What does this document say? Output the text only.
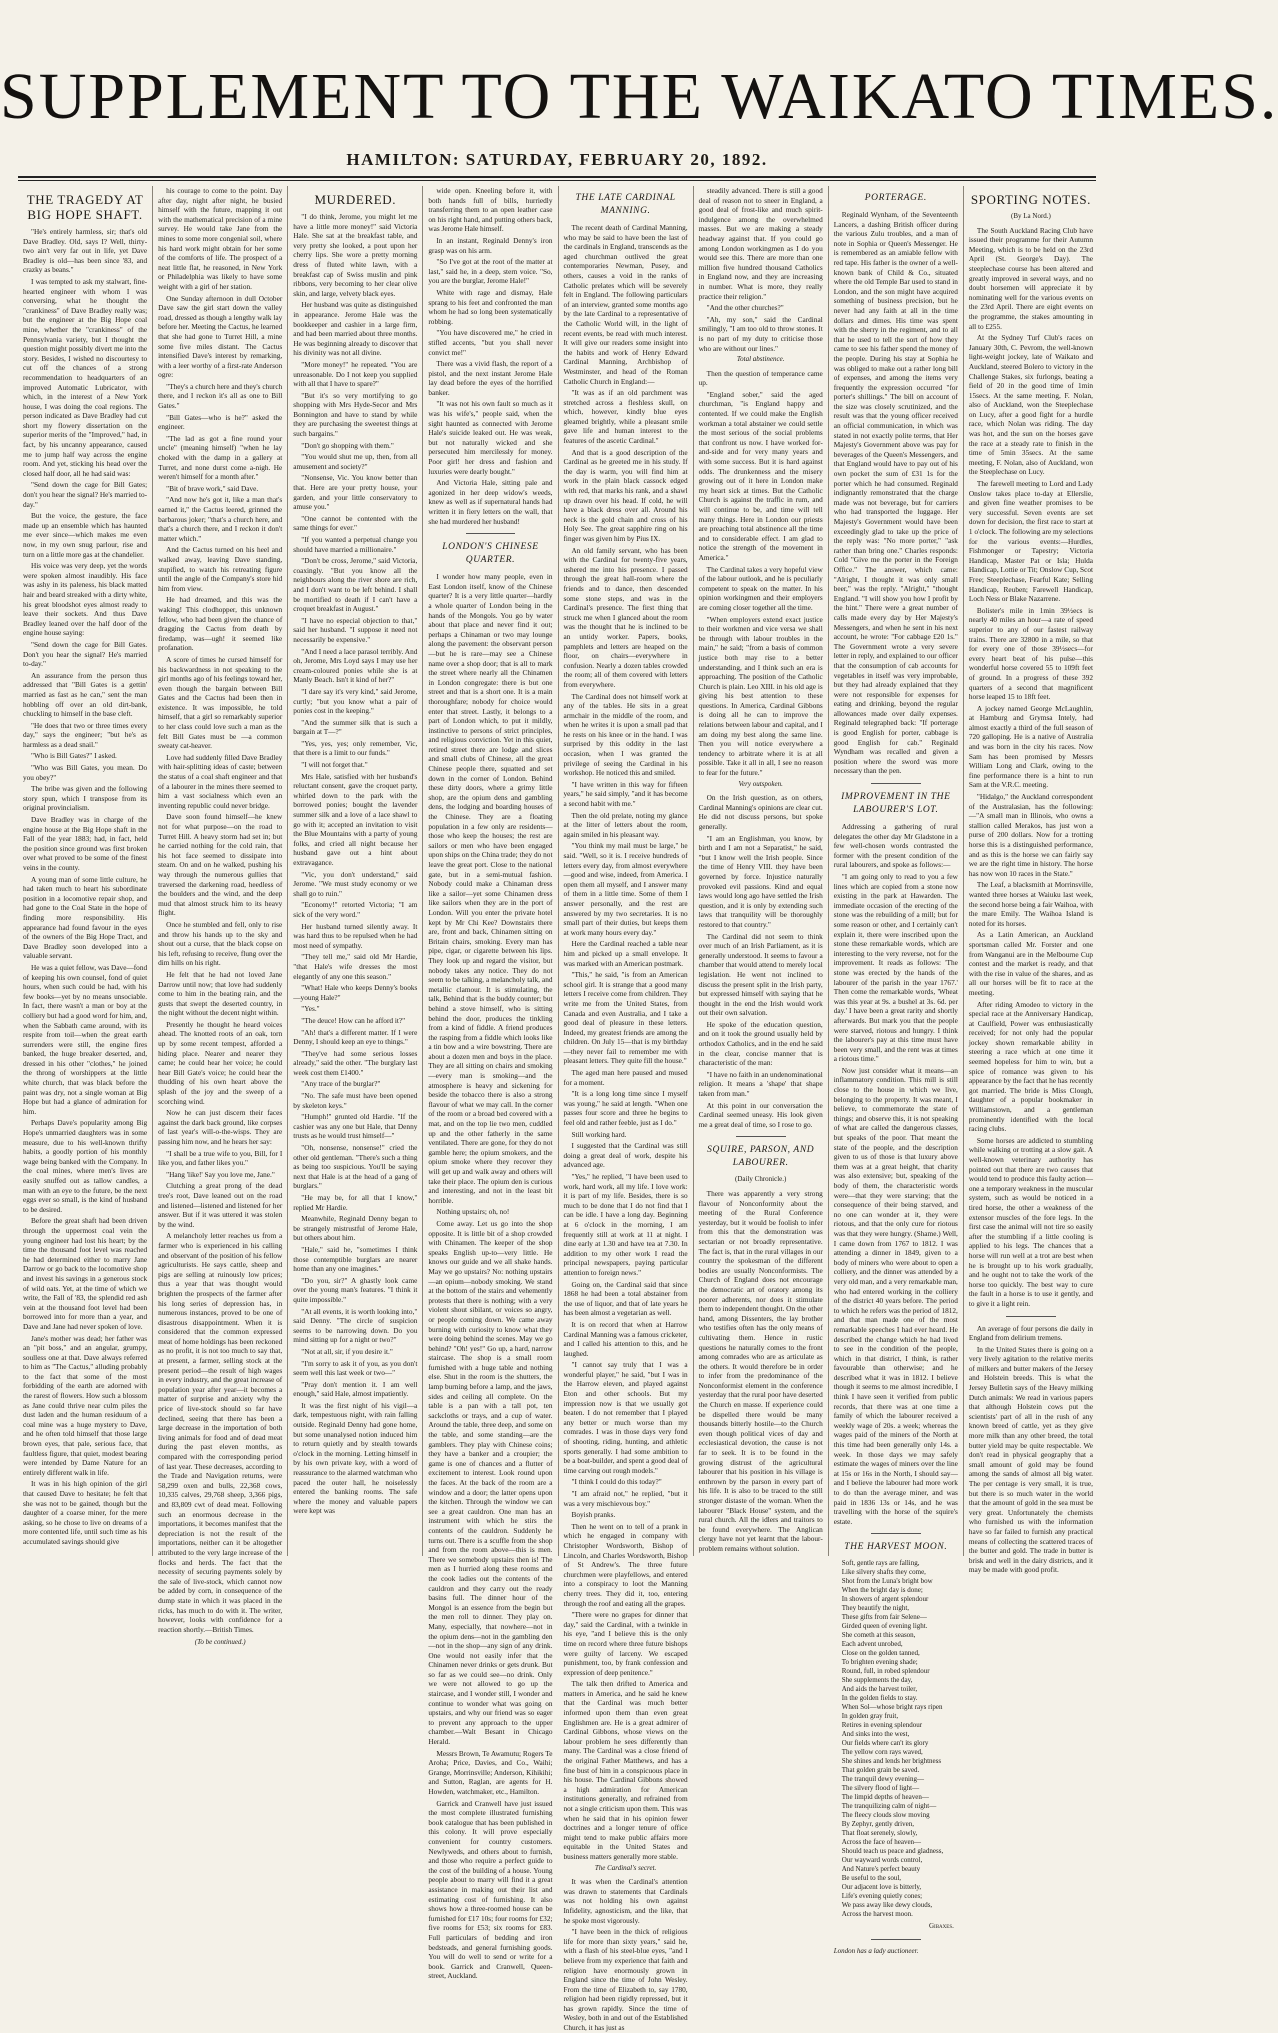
SUPPLEMENT TO THE WAIKATO TIMES.
HAMILTON: SATURDAY, FEBRUARY 20, 1892.
THE TRAGEDY AT BIG HOPE SHAFT.

"He's entirely harmless, sir; that's old Dave Bradley. Old, says I? Well, thirty-two ain't very far out in life, yet Dave Bradley is old—has been since '83, and crazky as beans."

I was tempted to ask my stalwart, fine-hearted engineer with whom I was conversing, what he thought the "crankiness" of Dave Bradley really was; but the engineer at the Big Hope coal mine, whether the "crankiness" of the Pennsylvania variety, but I thought the question might possibly divert me into the story. Besides, I wished no discourtesy to cut off the chances of a strong recommendation to headquarters of an improved Automatic Lubricator, with which, in the interest of a New York house, I was doing the coal regions. The person indicated as Dave Bradley had cut short my flowery dissertation on the superior merits of the "Improved," had, in fact, by his uncanny appearance, caused me to jump half way across the engine room. And yet, sticking his head over the closed half door, all he had said was:

"Send down the cage for Bill Gates; don't you hear the signal? He's married to-day."

But the voice, the gesture, the face made up an ensemble which has haunted me ever since—which makes me even now, in my own snug parlour, rise and turn on a little more gas at the chandelier.

His voice was very deep, yet the words were spoken almost inaudibly. His face was ashy in its paleness, his black matted hair and beard streaked with a dirty white, his great bloodshot eyes almost ready to leave their sockets. And thus Dave Bradley leaned over the half door of the engine house saying:

"Send down the cage for Bill Gates. Don't you hear the signal? He's married to-day."

An assurance from the person thus addressed that "Bill Gates is a gettin' married as fast as he can," sent the man hobbling off over an old dirt-bank, chuckling to himself in the base cleft.

"He does that two or three times every day," says the engineer; "but he's as harmless as a dead snail."

"Who is Bill Gates?" I asked.

"Who was Bill Gates, you mean. Do you obey?"

The bribe was given and the following story spun, which I transpose from its original provincialism.

Dave Bradley was in charge of the engine house at the Big Hope shaft in the Fall of the year 1883; had, in fact, held the position since ground was first broken over what proved to be some of the finest veins in the county.

A young man of some little culture, he had taken much to heart his subordinate position in a locomotive repair shop, and had gone to the Coal State in the hope of finding more responsibility. His appearance had found favour in the eyes of the owners of the Big Hope Tract, and Dave Bradley soon developed into a valuable servant.

He was a quiet fellow, was Dave—fond of keeping his own counsel, fond of quiet hours, when such could be had, with his few books—yet by no means unsociable. In fact, there wasn't a man or boy at the colliery but had a good word for him, and, when the Sabbath came around, with its respite from toil—when the great earth surrenders were still, the engine fires banked, the huge breaker deserted, and, dressed in his other "clothes," he joined the throng of worshippers at the little white church, that was black before the paint was dry, not a single woman at Big Hope but had a glance of admiration for him.

Perhaps Dave's popularity among Big Hope's unmarried daughters was in some measure, due to his well-known thrifty habits, a goodly portion of his monthly wage being banked with the Company. In the coal mines, where men's lives are easily snuffed out as tallow candles, a man with an eye to the future, be the next eggs ever so small, is the kind of husband to be desired.

Before the great shaft had been driven through the uppermost coal vein the young engineer had lost his heart; by the time the thousand foot level was reached he had determined either to marry Jane Darrow or go back to the locomotive shop and invest his savings in a generous stock of wild oats. Yet, at the time of which we write, the Fall of '83, the splendid red ash vein at the thousand foot level had been borrowed into for more than a year, and Dave and Jane had never spoken of love.

Jane's mother was dead; her father was an "pit boss," and an angular, grumpy, soulless one at that. Dave always referred to him as "The Cactus," alluding probably to the fact that some of the most forbidding of the earth are adorned with the rarest of flowers. How such a blossom as Jane could thrive near culm piles the dust laden and the human residuum of a coal mine was a huge mystery to Dave, and he often told himself that those large brown eyes, that pale, serious face, that faultless figure, that quiet, modest bearing were intended by Dame Nature for an entirely different walk in life.

It was in his high opinion of the girl that caused Dave to hesitate; he felt that she was not to be gained, though but the daughter of a coarse miner, for the mere asking, so he chose to live on dreams of a more contented life, until such time as his accumulated savings should give

his courage to come to the point. Day after day, night after night, he busied himself with the future, mapping it out with the mathematical precision of a mine survey. He would take Jane from the mines to some more congenial soil, where his hard work might obtain for her some of the comforts of life. The prospect of a neat little flat, he reasoned, in New York or Philadelphia was likely to have some weight with a girl of her station.

One Sunday afternoon in dull October Dave saw the girl start down the valley road, dressed as though a lengthy walk lay before her. Meeting the Cactus, he learned that she had gone to Turret Hill, a mine some five miles distant. The Cactus intensified Dave's interest by remarking, with a leer worthy of a first-rate Anderson ogre:

"They's a church here and they's church there, and I reckon it's all as one to Bill Gates."

"Bill Gates—who is he?" asked the engineer.

"The lad as got a fine round your uncle" (meaning himself) "when he lay choked with the damp in a gallery at Turret, and none durst come a-nigh. He weren't himself for a month after."

"Bit of brave work," said Dave.

"And now he's got it, like a man that's earned it," the Cactus leered, grinned the barbarous joker; "that's a church here, and that's a church there, and I reckon it don't matter which."

And the Cactus turned on his heel and walked away, leaving Dave standing, stupified, to watch his retreating figure until the angle of the Company's store hid him from view.

He had dreamed, and this was the waking! This clodhopper, this unknown fellow, who had been given the chance of dragging the Cactus from death by firedamp, was—ugh! it seemed like profanation.

A score of times he cursed himself for his backwardness in not speaking to the girl months ago of his feelings toward her, even though the bargain between Bill Gates and the Cactus had been then in existence. It was impossible, he told himself, that a girl so remarkably superior to her class could love such a man as the felt Bill Gates must be —a common sweaty cat-heaver.

Love had suddenly filled Dave Bradley with hair-splitting ideas of caste; between the status of a coal shaft engineer and that of a labourer in the mines there seemed to him a vast socialness which even an inventing republic could never bridge.

Dave soon found himself—he knew not for what purpose—on the road to Turret Hill. A heavy storm had set in; but he carried nothing for the cold rain, that his hot face seemed to dissipate into steam. On and on he walked, pushing his way through the numerous gullies that traversed the darkening road, heedless of the boulders and the wind, and the deep mud that almost struck him to its heavy flight.

Once he stumbled and fell, only to rise and throw his hands up to the sky and shout out a curse, that the black copse on his left, refusing to receive, flung over the dim hills on his right.

He felt that he had not loved Jane Darrow until now; that love had suddenly come to him in the beating rain, and the gusts that swept the deserted country, in the night without the decent night within.

Presently he thought he heard voices ahead. The knotted roots of an oak, torn up by some recent tempest, afforded a hiding place. Nearer and nearer they came; he could hear her voice; he could hear Bill Gate's voice; he could hear the thudding of his own heart above the splash of the joy and the sweep of a scorching wind.

Now he can just discern their faces against the dark back ground, like corpses of last year's will-o-the-wisps. They are passing him now, and he hears her say:

"I shall be a true wife to you, Bill, for I like you, and father likes you."

"Hang 'like!' Say you love me, Jane."

Clutching a great prong of the dead tree's root, Dave leaned out on the road and listened—listened and listened for her answer. But if it was uttered it was stolen by the wind.

A melancholy letter reaches us from a farmer who is experienced in his calling and observant of the position of his fellow agriculturists. He says cattle, sheep and pigs are selling at ruinously low prices; thus a year that was thought would brighten the prospects of the farmer after his long series of depression has, in numerous instances, proved to be one of disastrous disappointment. When it is considered that the common expressed meat of home holdings has been reckoned as no profit, it is not too much to say that, at present, a farmer, selling stock at the present period—the result of high wages in every industry, and the great increase of population year after year—it becomes a matter of surprise and anxiety why the price of live-stock should so far have declined, seeing that there has been a large decrease in the importation of both living animals for food and of dead meat during the past eleven months, as compared with the corresponding period of last year. These decreases, according to the Trade and Navigation returns, were 58,299 oxen and bulls, 22,368 cows, 10,335 calves, 29,768 sheep, 3,366 pigs, and 83,809 cwt of dead meat. Following such an enormous decrease in the importations, it becomes manifest that the depreciation is not the result of the importations, neither can it be altogether attributed to the very large increase of the flocks and herds. The fact that the necessity of securing payments solely by the sale of live-stock, which cannot now be added by corn, in consequence of the dump state in which it was placed in the ricks, has much to do with it. The writer, however, looks with confidence for a reaction shortly.—British Times.

(To be continued.)
MURDERED.

"I do think, Jerome, you might let me have a little more money!" said Victoria Hale. She sat at the breakfast table, and very pretty she looked, a pout upon her cherry lips. She wore a pretty morning dress of fluted white lawn, with a breakfast cap of Swiss muslin and pink ribbons, very becoming to her clear olive skin, and large, velvety black eyes.

Her husband was quite as distinguished in appearance. Jerome Hale was the bookkeeper and cashier in a large firm, and had been married about three months. He was beginning already to discover that his divinity was not all divine.

"More money!" he repeated. "You are unreasonable. Do I not keep you supplied with all that I have to spare?"

"But it's so very mortifying to go shopping with Mrs Hyde-Secor and Mrs Bonnington and have to stand by while they are purchasing the sweetest things at such bargains."

"Don't go shopping with them."

"You would shut me up, then, from all amusement and society?"

"Nonsense, Vic. You know better than that. Here are your pretty house, your garden, and your little conservatory to amuse you."

"One cannot be contented with the same things for ever."

"If you wanted a perpetual change you should have married a millionaire."

"Don't be cross, Jerome," said Victoria, coaxingly. "But you know all the neighbours along the river shore are rich, and I don't want to be left behind. I shall be mortified to death if I can't have a croquet breakfast in August."

"I have no especial objection to that," said her husband. "I suppose it need not necessarily be expensive."

"And I need a lace parasol terribly. And oh, Jerome, Mrs Loyd says I may use her cream-coloured ponies while she is at Manly Beach. Isn't it kind of her?"

"I dare say it's very kind," said Jerome, curtly; "but you know what a pair of ponies cost in the keeping."

"And the summer silk that is such a bargain at T—?"

"Yes, yes, yes; only remember, Vic, that there is a limit to our funds."

"I will not forget that."

Mrs Hale, satisfied with her husband's reluctant consent, gave the croquet party, whirled down to the park with the borrowed ponies; bought the lavender summer silk and a love of a lace shawl to go with it; accepted an invitation to visit the Blue Mountains with a party of young folks, and cried all night because her husband gave out a hint about extravagance.

"Vic, you don't understand," said Jerome. "We must study economy or we shall go to ruin."

"Economy!" retorted Victoria; "I am sick of the very word."

Her husband turned silently away. It was hard thus to be repulsed when he had most need of sympathy.

"They tell me," said old Mr Hardie, "that Hale's wife dresses the most elegantly of any one this season."

"What! Hale who keeps Denny's books—young Hale?"

"Yes."

"The deuce! How can he afford it?"

"Ah! that's a different matter. If I were Denny, I should keep an eye to things."

"They've had some serious losses already," said the other. "The burglary last week cost them £1400."

"Any trace of the burglar?"

"No. The safe must have been opened by skeleton keys."

"Humph!" grunted old Hardie. "If the cashier was any one but Hale, that Denny trusts as he would trust himself—"

"Oh, nonsense, nonsense!" cried the other old gentleman. "There's such a thing as being too suspicious. You'll be saying next that Hale is at the head of a gang of burglars."

"He may be, for all that I know," replied Mr Hardie.

Meanwhile, Reginald Denny began to be strangely mistrustful of Jerome Hale, but others about him.

"Hale," said he, "sometimes I think those contemptible burglars are nearer home than any one imagines."

"Do you, sir?" A ghastly look came over the young man's features. "I think it quite impossible."

"At all events, it is worth looking into," said Denny. "The circle of suspicion seems to be narrowing down. Do you mind sitting up for a night or two?"

"Not at all, sir, if you desire it."

"I'm sorry to ask it of you, as you don't seem well this last week or two—"

"Pray don't mention it. I am well enough," said Hale, almost impatiently.

It was the first night of his vigil—a dark, tempestuous night, with rain falling outside. Reginald Denny had gone home, but some unanalysed notion induced him to return quietly and by stealth towards o'clock in the morning. Letting himself in by his own private key, with a word of reassurance to the alarmed watchman who paced the outer hall, he noiselessly entered the banking rooms. The safe where the money and valuable papers were kept was

wide open. Kneeling before it, with both hands full of bills, hurriedly transferring them to an open leather case on his right hand, and putting others back, was Jerome Hale himself.

In an instant, Reginald Denny's iron grasp was on his arm.

"So I've got at the root of the matter at last," said he, in a deep, stern voice. "So, you are the burglar, Jerome Hale!"

White with rage and dismay, Hale sprang to his feet and confronted the man whom he had so long been systematically robbing.

"You have discovered me," he cried in stifled accents, "but you shall never convict me!"

There was a vivid flash, the report of a pistol, and the next instant Jerome Hale lay dead before the eyes of the horrified banker.

"It was not his own fault so much as it was his wife's," people said, when the sight haunted as connected with Jerome Hale's suicide leaked out. He was weak, but not naturally wicked and she persecuted him mercilessly for money. Poor girl! her dress and fashion and luxuries were dearly bought."

And Victoria Hale, sitting pale and agonized in her deep widow's weeds, knew as well as if supernatural hands had written it in fiery letters on the wall, that she had murdered her husband!

LONDON'S CHINESE QUARTER.

I wonder how many people, even in East London itself, know of the Chinese quarter? It is a very little quarter—hardly a whole quarter of London being in the hands of the Mongols. You go by water about that place and never find it out; perhaps a Chinaman or two may lounge along the pavement: the observant person—but he is rare—may see a Chinese name over a shop door; that is all to mark the street where nearly all the Chinamen in London congregate: there is but one street and that is a short one. It is a main thoroughfare; nobody for choice would enter that street. Lastly, it belongs to a part of London which, to put it mildly, instinctive to persons of strict principles, and religious conviction. Yet in this quiet, retired street there are lodge and slices and small clubs of Chinese, all the great Chinese people there, squatted and set down in the corner of London. Behind these dirty doors, where a grimy little shop, are the opium dens and gambling dens, the lodging and boarding houses of the Chinese. They are a floating population in a few only are residents—those who keep the houses; the rest are sailors or men who have been engaged upon ships on the China trade; they do not leave the great port. Close to the national gate, but in a semi-mutual fashion. Nobody could make a Chinaman dress like a sailor—yet some Chinamen dress like sailors when they are in the port of London. Will you enter the private hotel kept by Mr Chi Kee? Downstairs there are, front and back, Chinamen sitting on Britain chairs, smoking. Every man has pipe, cigar, or cigarette between his lips. They look up and regard the visitor, but nobody takes any notice. They do not seem to be talking, a melancholy talk, and metallic clamour. It is stimulating, the talk, Behind that is the buddy counter; but behind a stove himself, who is sitting behind the door, produces the tinkling from a kind of fiddle. A friend produces the rasping from a fiddle which looks like a tin bow and a wire bowstring. There are about a dozen men and boys in the place. They are all sitting on chairs and smoking—every man is smoking—and the atmosphere is heavy and sickening for beside the tobacco there is also a strong flavour of what we may call. In the corner of the room or a broad bed covered with a mat, and on the top lie two men, cuddled up and the other fatherly in the same ventilated. There are gone, for they do not gamble here; the opium smokers, and the opium smoke where they recover they will get up and walk away and others will take their place. The opium den is curious and interesting, and not in the least bit horrible.

Nothing upstairs; oh, no!

Come away. Let us go into the shop opposite. It is little bit of a shop crowded with Chinamen. The keeper of the shop speaks English up-to—very little. He knows our guide and we all shake hands. May we go upstairs? No: nothing upstairs—an opium—nobody smoking. We stand at the bottom of the stairs and vehemently protests that there is nothing; with a very violent shout sibilant, or voices so angry, or people coming down. We came away burning with curiosity to know what they were doing behind the scenes. May we go behind? "Oh! yes!" Go up, a hard, narrow staircase. The shop is a small room furnished with a huge table and nothing else. Shut in the room is the shutters, the lamp burning before a lamp, and the jaws, sides and ceiling all complete. On the table is a pan with a tall pot, ten sackcloths or trays, and a cup of water. Around the table, three deep, and some on the table, and some standing—are the gamblers. They play with Chinese coins; they have a banker and a croupier; the game is one of chances and a flutter of excitement to interest. Look round upon the faces. At the back of the room are a window and a door; the latter opens upon the kitchen. Through the window we can see a great cauldron. One man has an instrument with which he stirs the contents of the cauldron. Suddenly he turns out. There is a scuffle from the shop and from the room above—this is men. There we somebody upstairs then is! The men as I hurried along these rooms and the cook ladies out the contents of the cauldron and they carry out the ready basins full. The dinner hour of the Mongol is an essence from the begin but the men roll to dinner. They play on. Many, especially, that nowhere—not in the opium dens—not in the gambling den —not in the shop—any sign of any drink. One would not easily infer that the Chinamen never drinks or gets drunk. But so far as we could see—no drink. Only we were not allowed to go up the staircase, and I wonder still, I wonder and continue to wonder what was going on upstairs, and why our friend was so eager to prevent any approach to the upper chamber.—Walt Besant in Chicago Herald.

Messrs Brown, Te Awamutu; Rogers Te Aroha; Price, Davies, and Co., Waihi; Grange, Morrinsville; Anderson, Kihikihi; and Sutton, Raglan, are agents for H. Howden, watchmaker, etc., Hamilton.

Garrick and Cranwell have just issued the most complete illustrated furnishing book catalogue that has been published in this colony. It will prove especially convenient for country customers. Newlyweds, and others about to furnish, and those who require a perfect guide to the cost of the building of a house. Young people about to marry will find it a great assistance in making out their list and estimating cost of furnishing. It also shows how a three-roomed house can be furnished for £17 10s; four rooms for £32; five rooms for £53; six rooms for £83. Full particulars of bedding and iron bedsteads, and general furnishing goods. You will do well to send or write for a book. Garrick and Cranwell, Queen-street, Auckland.

THE LATE CARDINAL MANNING.

The recent death of Cardinal Manning, who may be said to have been the last of the cardinals in England, transcends as the aged churchman outlived the great contemporaries Newman, Pusey, and others, causes a void in the ranks of Catholic prelates which will be severely felt in England. The following particulars of an interview, granted some months ago by the late Cardinal to a representative of the Catholic World will, in the light of recent events, be read with much interest. It will give our readers some insight into the habits and work of Henry Edward Cardinal Manning, Archbishop of Westminster, and head of the Roman Catholic Church in England:—

"It was as if an old parchment was stretched across a fleshless skull, on which, however, kindly blue eyes gleamed brightly, while a pleasant smile gave life and human interest to the features of the ascetic Cardinal."

And that is a good description of the Cardinal as he greeted me in his study. If the day is warm, you will find him at work in the plain black cassock edged with red, that marks his rank, and a shawl up drawn over his head. If cold, he will have a black dress over all. Around his neck is the gold chain and cross of his Holy See. The great sapphire ring on his finger was given him by Pius IX.

An old family servant, who has been with the Cardinal for twenty-five years, ushered me into his presence. I passed through the great hall-room where the friends and to dance, then descended some stone steps, and was in the Cardinal's presence. The first thing that struck me when I glanced about the room was the thought that he is inclined to be an untidy worker. Papers, books, pamphlets and letters are heaped on the floor, on chairs—everywhere in confusion. Nearly a dozen tables crowded the room; all of them covered with letters from everywhere.

The Cardinal does not himself work at any of the tables. He sits in a great armchair in the middle of the room, and when he writes it is upon a small pad that he rests on his knee or in the hand. I was surprised by this oddity in the last occasion, when I was granted the privilege of seeing the Cardinal in his workshop. He noticed this and smiled.

"I have written in this way for fifteen years," he said simply, "and it has become a second habit with me."

Then the old prelate, noting my glance at the litter of letters about the room, again smiled in his pleasant way.

"You think my mail must be large," he said. "Well, so it is. I receive hundreds of letters every day, from almost everywhere—good and wise, indeed, from America. I open them all myself, and I answer many of them in a little time. Some of them I answer personally, and the rest are answered by my two secretaries. It is no small part of their duties, but keeps them at work many hours every day."

Here the Cardinal reached a table near him and picked up a small envelope. It was marked with an American postmark.

"This," he said, "is from an American school girl. It is strange that a good many letters I receive come from children. They write me from the United States, from Canada and even Australia, and I take a good deal of pleasure in these letters. Indeed, my greatest friends are among the children. On July 15—that is my birthday—they never fail to remember me with pleasant letters. They quite fill the house."

The aged man here paused and mused for a moment.

"It is a long long time since I myself was young," he said at length. "When one passes four score and three he begins to feel old and rather feeble, just as I do."

Still working hard.

I suggested that the Cardinal was still doing a great deal of work, despite his advanced age.

"Yes," he replied, "I have been used to work, hard work, all my life. I love work: it is part of my life. Besides, there is so much to be done that I do not find that I can be idle. I have a long day. Beginning at 6 o'clock in the morning, I am frequently still at work at 11 at night. I dine early at 1.30 and have tea at 7.30. In addition to my other work I read the principal newspapers, paying particular attention to foreign news."

Going on, the Cardinal said that since 1868 he had been a total abstainer from the use of liquor, and that of late years he has been almost a vegetarian as well.

It is on record that when at Harrow Cardinal Manning was a famous cricketer, and I called his attention to this, and he laughed.

"I cannot say truly that I was a wonderful player," he said, "but I was in the Harrow eleven, and played against Eton and other schools. But my impression now is that we usually got beaten. I do not remember that I played any better or much worse than my comrades. I was in those days very fond of shooting, riding, hunting, and athletic sports generally. I had some ambition to be a boat-builder, and spent a good deal of time carving out rough models."

"I think I could do this today?"

"I am afraid not," he replied, "but it was a very mischievous boy."

Boyish pranks.

Then he went on to tell of a prank in which he engaged in company with Christopher Wordsworth, Bishop of Lincoln, and Charles Wordsworth, Bishop of St Andrew's. The three future churchmen were playfellows, and entered into a conspiracy to loot the Manning cherry trees. They did it, too, entering through the roof and eating all the grapes.

"There were no grapes for dinner that day," said the Cardinal, with a twinkle in his eye, "and I believe this is the only time on record where three future bishops were guilty of larceny. We escaped punishment, too, by frank confession and expression of deep penitence."

The talk then drifted to America and matters in America, and he said he knew that the Cardinal was much better informed upon them than even great Englishmen are. He is a great admirer of Cardinal Gibbons, whose views on the labour problem he sees differently than many. The Cardinal was a close friend of the original Father Matthews, and has a fine bust of him in a conspicuous place in his house. The Cardinal Gibbons showed a high admiration for American institutions generally, and refrained from not a single criticism upon them. This was when he said that in his opinion fewer doctrines and a longer tenure of office might tend to make public affairs more equitable in the United States and business matters generally more stable.

The Cardinal's secret.

It was when the Cardinal's attention was drawn to statements that Cardinals was not holding his own against Infidelity, agnosticism, and the like, that he spoke most vigorously.

"I have been in the thick of religious life for more than sixty years," said he, with a flash of his steel-blue eyes, "and I believe from my experience that faith and religion have enormously grown in England since the time of John Wesley. From the time of Elizabeth to, say 1780, religion had been rigidly repressed, but it has grown rapidly. Since the time of Wesley, both in and out of the Established Church, it has just as

steadily advanced. There is still a good deal of reason not to sneer in England, a good deal of frost-like and much spirit-indulgence among the overwhelmed masses. But we are making a steady headway against that. If you could go among London workingmen as I do you would see this. There are more than one million five hundred thousand Catholics in England now, and they are increasing in number. What is more, they really practice their religion."

"And the other churches?"

"Ah, my son," said the Cardinal smilingly, "I am too old to throw stones. It is no part of my duty to criticise those who are without our lines."

Total abstinence.

Then the question of temperance came up.

"England sober," said the aged churchman, "is England happy and contented. If we could make the English workman a total abstainer we could settle the most serious of the social problems that confront us now. I have worked for-and-side and for very many years and with some success. But it is hard against odds. The drunkenness and the misery growing out of it here in London make my heart sick at times. But the Catholic Church is against the traffic in rum, and will continue to be, and time will tell many things. Here in London our priests are preaching total abstinence all the time and to considerable effect. I am glad to notice the strength of the movement in America."

The Cardinal takes a very hopeful view of the labour outlook, and he is peculiarly competent to speak on the matter. In his opinion workingmen and their employers are coming closer together all the time.

"When employers extend exact justice to their workmen and vice versa we shall be through with labour troubles in the main," he said; "from a basis of common justice both may rise to a better understanding, and I think such an era is approaching. The position of the Catholic Church is plain. Leo XIII. in his old age is giving his best attention to these questions. In America, Cardinal Gibbons is doing all he can to improve the relations between labour and capital, and I am doing my best along the same line. Then you will notice everywhere a tendency to arbitrate where it is at all possible. Take it all in all, I see no reason to fear for the future."

Very outspoken.

On the Irish question, as on others, Cardinal Manning's opinions are clear cut. He did not discuss persons, but spoke generally.

"I am an Englishman, you know, by birth and I am not a Separatist," he said, "but I know well the Irish people. Since the time of Henry VIII. they have been governed by force. Injustice naturally provoked evil passions. Kind and equal laws would long ago have settled the Irish question, and it is only by extending such laws that tranquility will be thoroughly restored to that country."

The Cardinal did not seem to think over much of an Irish Parliament, as it is generally understood. It seems to favour a chamber that would attend to merely local legislation. He went not inclined to discuss the present split in the Irish party, but expressed himself with saying that he thought in the end the Irish would work out their own salvation.

He spoke of the education question, and on it took the ground usually held by orthodox Catholics, and in the end he said in the clear, concise manner that is characteristic of the man:

"I have no faith in an undenominational religion. It means a 'shape' that shape taken from man."

At this point in our conversation the Cardinal seemed uneasy. His look given me a great deal of time, so I rose to go.

SQUIRE, PARSON, AND LABOURER.
(Daily Chronicle.)

There was apparently a very strong flavour of Nonconformity about the meeting of the Rural Conference yesterday, but it would be foolish to infer from this that the demonstration was sectarian or not broadly representative. The fact is, that in the rural villages in our country the spokesman of the different bodies are usually Nonconformists. The Church of England does not encourage the democratic art of oratory among its poorer adherents, nor does it stimulate them to independent thought. On the other hand, among Dissenters, the lay brother who testifies often has the only means of cultivating them. Hence in rustic questions he naturally comes to the front among comrades who are as articulate as the others. It would therefore be in order to infer from the predominance of the Nonconformist element in the conference yesterday that the rural poor have deserted the Church en masse. If experience could be dispelled there would be many thousands bitterly hostile—to the Church even though political vices of day and ecclesiastical devotion, the cause is not far to seek. It is to be found in the growing distrust of the agricultural labourer that his position in his village is enthrown by the parson in every part of his life. It is also to be traced to the still stronger distaste of the woman. When the labourer "Black House" system, and the rural church. All the idlers and traitors to be found everywhere. The Anglican clergy have not yet learnt that the labour-problem remains without solution.

PORTERAGE.

Reginald Wynham, of the Seventeenth Lancers, a dashing British officer during the various Zulu troubles, and a man of note in Sophia or Queen's Messenger. He is remembered as an amiable fellow with red tape. His father is the owner of a well-known bank of Child & Co., situated where the old Temple Bar used to stand in London, and the son might have acquired something of business precision, but he never had any faith at all in the time dollars and dimes. His time was spent with the sherry in the regiment, and to all that he used to tell the sort of how they came to see his father spend the money of the people. During his stay at Sophia he was obliged to make out a rather long bill of expenses, and among the items very frequently the expression occurred "for porter's shillings." The bill on account of the size was closely scrutinized, and the result was that the young officer received an official communication, in which was stated in not exactly polite terms, that Her Majesty's Government above was pay for beverages of the Queen's Messengers, and that England would have to pay out of his own pocket the sum of £31 1s for the porter which he had consumed. Reginald indignantly remonstrated that the charge made was not beverage, but for carriers who had transported the luggage. Her Majesty's Government would have been exceedingly glad to take up the price of the reply was: "No more porter," "ask rather than bring one." Charles responds: Cold "Give me the porter in the Foreign Office." The answer, which came: "Alright, I thought it was only small beer," was the reply. "Alright," "thought England. "I will show you how I profit by the hint." There were a great number of calls made every day by Her Majesty's Messengers, and when he sent in his next account, he wrote: "For cabbage £20 1s." The Government wrote a very severe letter in reply, and explained to our officer that the consumption of cab accounts for vegetables in itself was very improbable, but they had already explained that they were not responsible for expenses for eating and drinking, beyond the regular allowances made over daily expenses. Reginald telegraphed back: "If porterage is good English for porter, cabbage is good English for cab." Reginald Wyndham was recalled and given a position where the sword was more necessary than the pen.

IMPROVEMENT IN THE LABOURER'S LOT.

Addressing a gathering of rural delegates the other day Mr Gladstone in a few well-chosen words contrasted the former with the present condition of the rural labourers, and spoke as follows:—

"I am going only to read to you a few lines which are copied from a stone now existing in the park at Hawarden. The immediate occasion of the erecting of the stone was the rebuilding of a mill; but for some reason or other, and I certainly can't explain it, there were inscribed upon the stone these remarkable words, which are interesting to the very reverse, not for the improvement. It reads as follows: 'The stone was erected by the hands of the labourer of the parish in the year 1767.' Then come the remarkable words, 'Wheat was this year at 9s. a bushel at 3s. 6d. per day.' I have been a great rarity and shortly afterwards. But mark you that the people were starved, riotous and hungry. I think the labourer's pay at this time must have been very small, and the rent was at times a riotous time."

Now just consider what it means—an inflammatory condition. This mill is still close to the house in which we live, belonging to the property. It was meant, I believe, to commemorate the state of things; and observe this, it is not speaking of what are called the dangerous classes, but speaks of the poor. That meant the state of the people, and the description given to us of those is that luxury above them was at a great height, that charity was also extensive; but, speaking of the body of them, the characteristic words were—that they were starving; that the consequence of their being starved, and no one can wonder at it, they were riotous, and that the only cure for riotous was that they were hungry. (Shame.) Well, I came down from 1767 to 1812. I was attending a dinner in 1849, given to a body of miners who were about to open a colliery, and the dinner was attended by a very old man, and a very remarkable man, who had entered working in the colliery of the district 40 years before. The period to which he refers was the period of 1812, and that man made one of the most remarkable speeches I had ever heard. He described the change which he had lived to see in the condition of the people, which in that district, I think, is rather favourable than otherwise; and he described what it was in 1812. I believe though it seems to me almost incredible, I think I have seen it verified from public records, that there was at one time a family of which the labourer received a weekly wage of 20s. a week; whereas the wages paid of the miners of the North at this time had been generally only 14s. a week. In those days we may safely estimate the wages of miners over the line at 15s or 16s in the North, I should say—and I believe the labourer had more work to do than the average miner, and was paid in 1836 13s or 14s, and he was travelling with the horse of the squire's estate.

THE HARVEST MOON.

Soft, gentle rays are falling,

Like silvery shafts they come,

Shot from the Luna's bright bow

When the bright day is done;

In showers of argent splendour

They beautify the night,

These gifts from fair Selene—

Girded queen of evening light.

She cometh at this season,

Each advent unrobed,

Close on the golden tanned,

To brighten evening shade;

Round, full, in robed splendour

She supplements the day,

And aids the harvest toiler,

In the golden fields to stay.

When Sol—whose bright rays ripen

In golden gray fruit,

Retires in evening splendour

And sinks into the west,

Our fields where can't its glory

The yellow corn rays waved,

She shines and lends her brightness

That golden grain be saved.

The tranquil dewy evening—

The silvery flood of light—

The limpid depths of heaven—

The tranquilizing calm of night—

The fleecy clouds slow moving

By Zephyr, gently driven,

That float serenely, slowly,

Across the face of heaven—

Should teach us peace and gladness,

Our wayward words control,

And Nature's perfect beauty

Be useful to the soul,

Our adjacent love is bitterly,

Life's evening quietly cones;

We pass away like dewy clouds,

Across the harvest moon.

Gibaxes.
London has a lady auctioneer.
SPORTING NOTES.
(By La Nord.)

The South Auckland Racing Club have issued their programme for their Autumn Meeting, which is to be held on the 23rd April (St. George's Day). The steeplechase course has been altered and greatly improved in several ways, and no doubt horsemen will appreciate it by nominating well for the various events on the 23rd April. There are eight events on the programme, the stakes amounting in all to £255.

At the Sydney Turf Club's races on January 30th, C. Pevrom, the well-known light-weight jockey, late of Waikato and Auckland, steered Bolero to victory in the Challenge Stakes, six furlongs, beating a field of 20 in the good time of 1min 15secs. At the same meeting, F. Nolan, also of Auckland, won the Steeplechase on Lucy, after a good fight for a hurdle race, which Nolan was riding. The day was hot, and the sun on the horses gave the race at a steady rate to finish in the time of 5min 35secs. At the same meeting, F. Nolan, also of Auckland, won the Steeplechase on Lucy.

The farewell meeting to Lord and Lady Onslow takes place to-day at Ellerslie, and given fine weather promises to be very successful. Seven events are set down for decision, the first race to start at 1 o'clock. The following are my selections for the various events:—Hurdles, Fishmonger or Tapestry; Victoria Handicap, Master Pat or Isla; Hulda Handicap, Lottie or Tit; Onslow Cup, Scot Free; Steeplechase, Fearful Kate; Selling Handicap, Reuben; Farewell Handicap, Loch Ness or Blake Nazarrene.

Bolister's mile in 1min 39½ecs is nearly 40 miles an hour—a rate of speed superior to any of our fastest railway trains. There are 32800 in a mile, so that for every one of those 39½secs—for every heart beat of his pulse—this wonderful horse covered 55 to 109ft feet of ground. In a progress of these 392 quarters of a second that magnificent horse leaped 15 to 18ft feet.

A jockey named George McLaughlin, at Hamburg and Grymsa Intely, had almost exactly a third of the full season of 720 galloping. He is a native of Australia and was born in the city his races. Now Sam has been promised by Messrs William Long and Clark, owing to the fine performance there is a hint to run Sam at the V.R.C. meeting.

"Hidalgo," the Auckland correspondent of the Australasian, has the following:—"A small man in Illinois, who owns a stallion called Merakos, has just won a purse of 200 dollars. Now for a trotting horse this is a distinguished performance, and as this is the horse we can fairly say we are the right time in history. The horse has now won 10 races in the State."

The Leaf, a blacksmith at Morrinsville, wanted three horses at Waiuku last week, the second horse being a fair Waihoa, with the mare Emily. The Waihoa Island is noted for its horses.

As a Latin American, an Auckland sportsman called Mr. Forster and one from Wanganui are in the Melbourne Cup contest and the market is ready, and that with the rise in value of the shares, and as all our horses will be fit to race at the meeting.

After riding Amodeo to victory in the special race at the Anniversary Handicap, at Caulfield, Power was enthusiastically received; for not only had the popular jockey shown remarkable ability in steering a race which at one time it seemed hopeless for him to win, but a spice of romance was given to his appearance by the fact that he has recently got married. The bride is Miss Clough, daughter of a popular bookmaker in Williamstown, and a gentleman prominently identified with the local racing clubs.

Some horses are addicted to stumbling while walking or trotting at a slow gait. A well-known veterinary authority has pointed out that there are two causes that would tend to produce this faulty action—one a temporary weakness in the muscular system, such as would be noticed in a tired horse, the other a weakness of the extensor muscles of the fore legs. In the first case the animal will not tire so easily after the stumbling if a little cooling is applied to his legs. The chances that a horse will run well at a trot are best when he is brought up to his work gradually, and he ought not to take the work of the horse too quickly. The best way to cure the fault in a horse is to use it gently, and to give it a light rein.

An average of four persons die daily in England from delirium tremens.

In the United States there is going on a very lively agitation to the relative merits of milkers and butter makers of the Jersey and Holstein breeds. This is what the Jersey Bulletin says of the Heavy milking Dutch animals: We read in various papers that although Holstein cows put the scientists' part of all in the rush of any known breed of cattle, yet as they give more milk than any other breed, the total butter yield may be quite respectable. We don't read in physical geography that a small amount of gold may be found among the sands of almost all big water. The per centage is very small, it is true, but there is so much water in the world that the amount of gold in the sea must be very great. Unfortunately the chemists who furnished us with the information have so far failed to furnish any practical means of collecting the scattered traces of the butter and gold. The trade in butter is brisk and well in the dairy districts, and it may be made with good profit.
